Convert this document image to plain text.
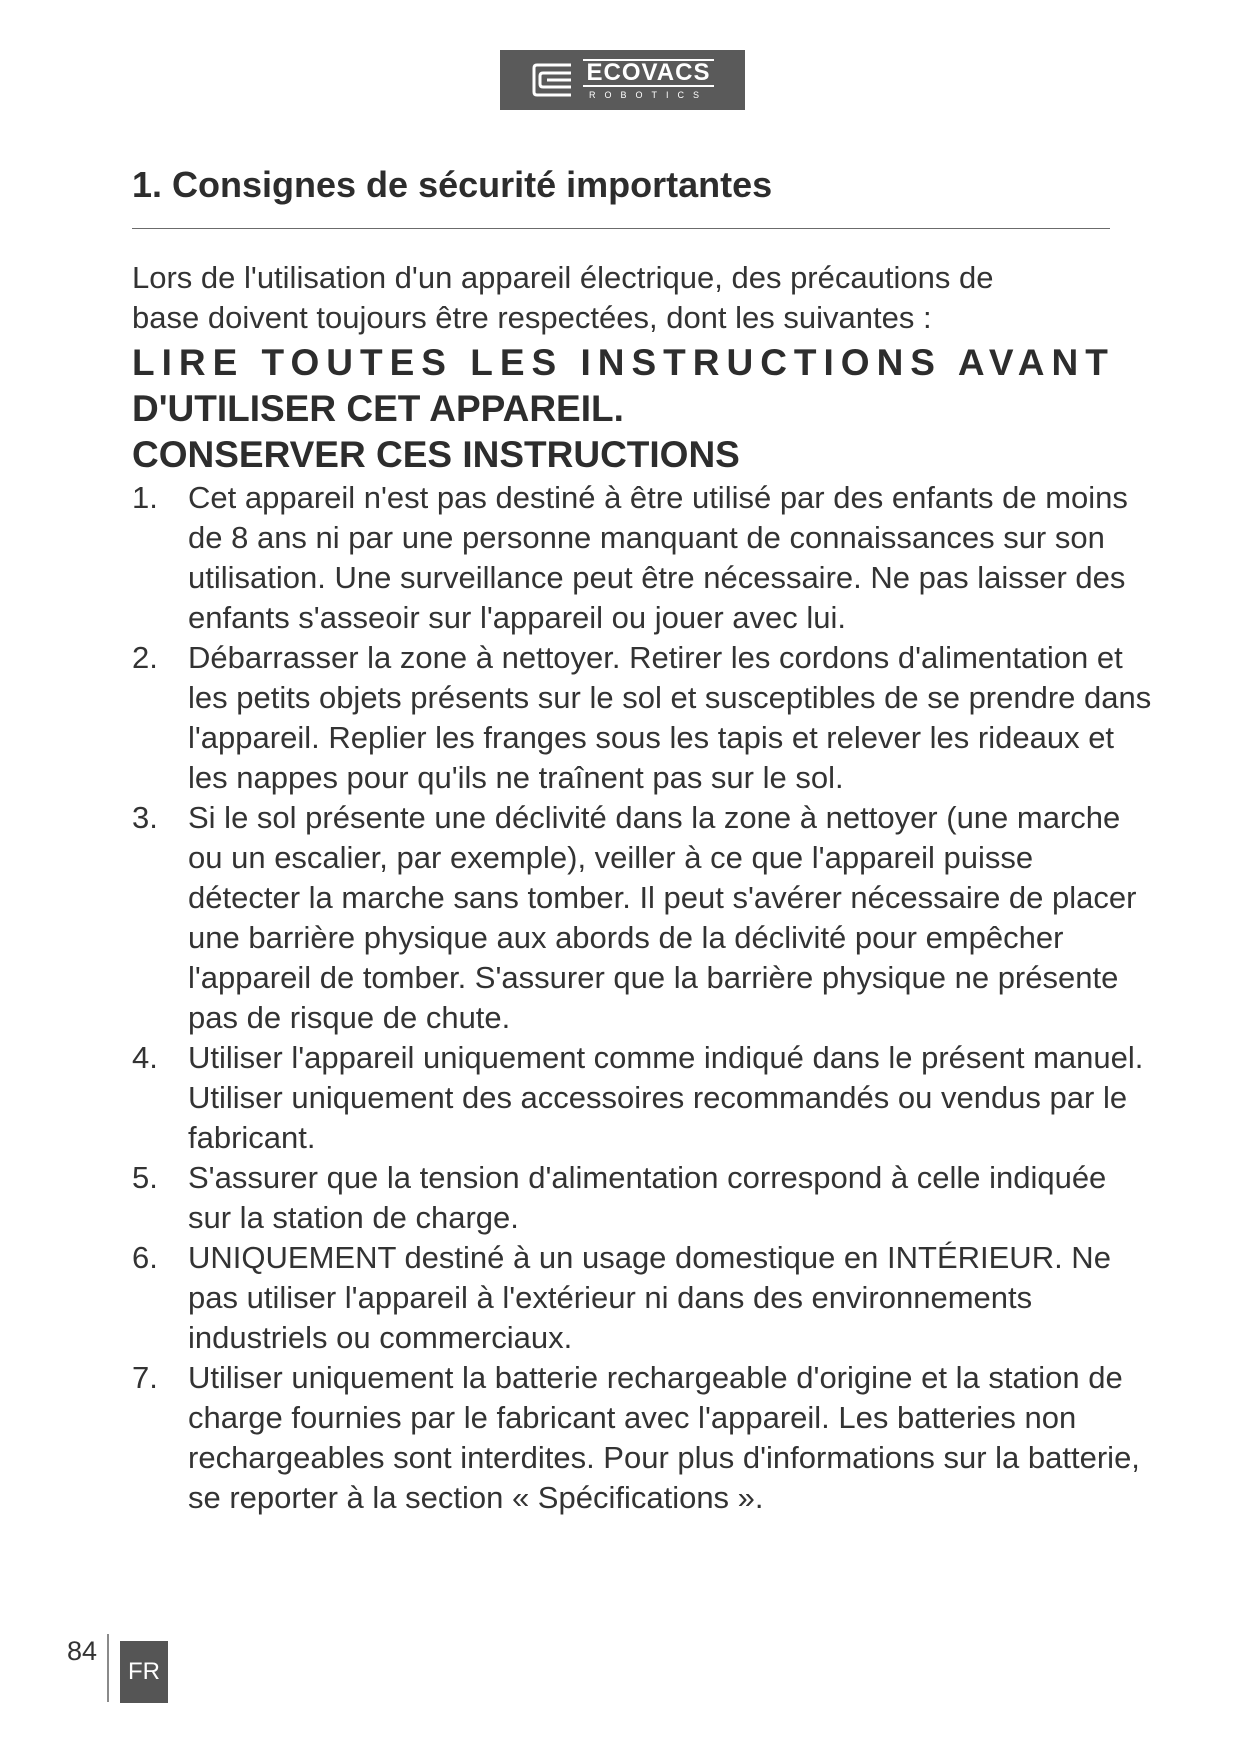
ECOVACS
ROBOTICS
1. Consignes de sécurité importantes

Lors de l'utilisation d'un appareil électrique, des précautions de
base doivent toujours être respectées, dont les suivantes :

LIRE TOUTES LES INSTRUCTIONS AVANT

D'UTILISER CET APPAREIL.

CONSERVER CES INSTRUCTIONS

1. Cet appareil n'est pas destiné à être utilisé par des enfants de moins de 8 ans ni par une personne manquant de connaissances sur son utilisation. Une surveillance peut être nécessaire. Ne pas laisser des enfants s'asseoir sur l'appareil ou jouer avec lui.
2. Débarrasser la zone à nettoyer. Retirer les cordons d'alimentation et les petits objets présents sur le sol et susceptibles de se prendre dans l'appareil. Replier les franges sous les tapis et relever les rideaux et les nappes pour qu'ils ne traînent pas sur le sol.
3. Si le sol présente une déclivité dans la zone à nettoyer (une marche ou un escalier, par exemple), veiller à ce que l'appareil puisse détecter la marche sans tomber. Il peut s'avérer nécessaire de placer une barrière physique aux abords de la déclivité pour empêcher l'appareil de tomber. S'assurer que la barrière physique ne présente pas de risque de chute.
4. Utiliser l'appareil uniquement comme indiqué dans le présent manuel. Utiliser uniquement des accessoires recommandés ou vendus par le fabricant.
5. S'assurer que la tension d'alimentation correspond à celle indiquée sur la station de charge.
6. UNIQUEMENT destiné à un usage domestique en INTÉRIEUR. Ne pas utiliser l'appareil à l'extérieur ni dans des environnements industriels ou commerciaux.
7. Utiliser uniquement la batterie rechargeable d'origine et la station de charge fournies par le fabricant avec l'appareil. Les batteries non rechargeables sont interdites. Pour plus d'informations sur la batterie, se reporter à la section « Spécifications ».
84
FR
